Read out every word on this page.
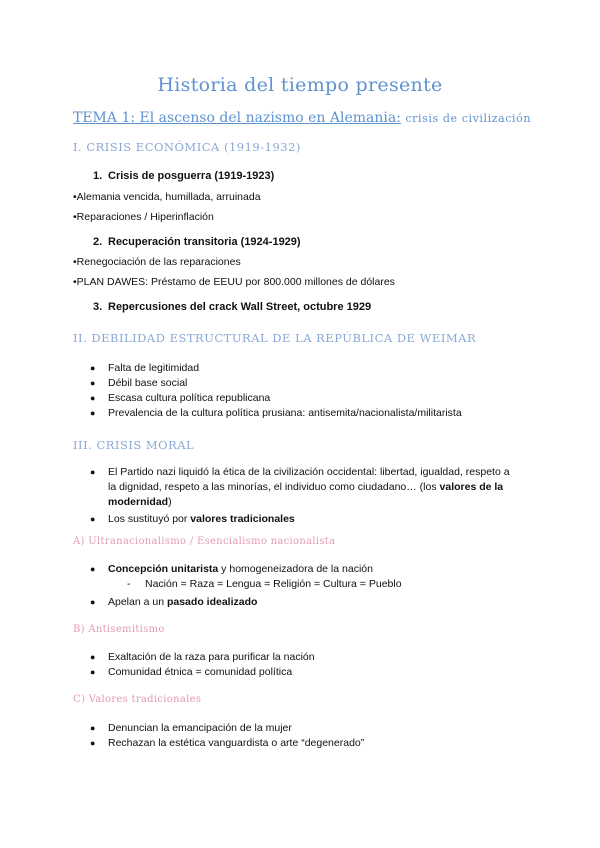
Historia del tiempo presente
TEMA 1: El ascenso del nazismo en Alemania: crisis de civilización
I. CRISIS ECONÓMICA (1919-1932)
1. Crisis de posguerra (1919-1923)
•Alemania vencida, humillada, arruinada
•Reparaciones / Hiperinflación
2. Recuperación transitoria (1924-1929)
•Renegociación de las reparaciones
•PLAN DAWES: Préstamo de EEUU por 800.000 millones de dólares
3. Repercusiones del crack Wall Street, octubre 1929
II. DEBILIDAD ESTRUCTURAL DE LA REPÚBLICA DE WEIMAR
● Falta de legitimidad
● Débil base social
● Escasa cultura política republicana
● Prevalencia de la cultura política prusiana: antisemita/nacionalista/militarista
III. CRISIS MORAL
● El Partido nazi liquidó la ética de la civilización occidental: libertad, igualdad, respeto a la dignidad, respeto a las minorías, el individuo como ciudadano… (los valores de la modernidad)
● Los sustituyó por valores tradicionales
A) Ultranacionalismo / Esencialismo nacionalista
● Concepción unitarista y homogeneizadora de la nación
- Nación = Raza = Lengua = Religión = Cultura = Pueblo
● Apelan a un pasado idealizado
B) Antisemitismo
● Exaltación de la raza para purificar la nación
● Comunidad étnica = comunidad política
C) Valores tradicionales
● Denuncian la emancipación de la mujer
● Rechazan la estética vanguardista o arte “degenerado”
